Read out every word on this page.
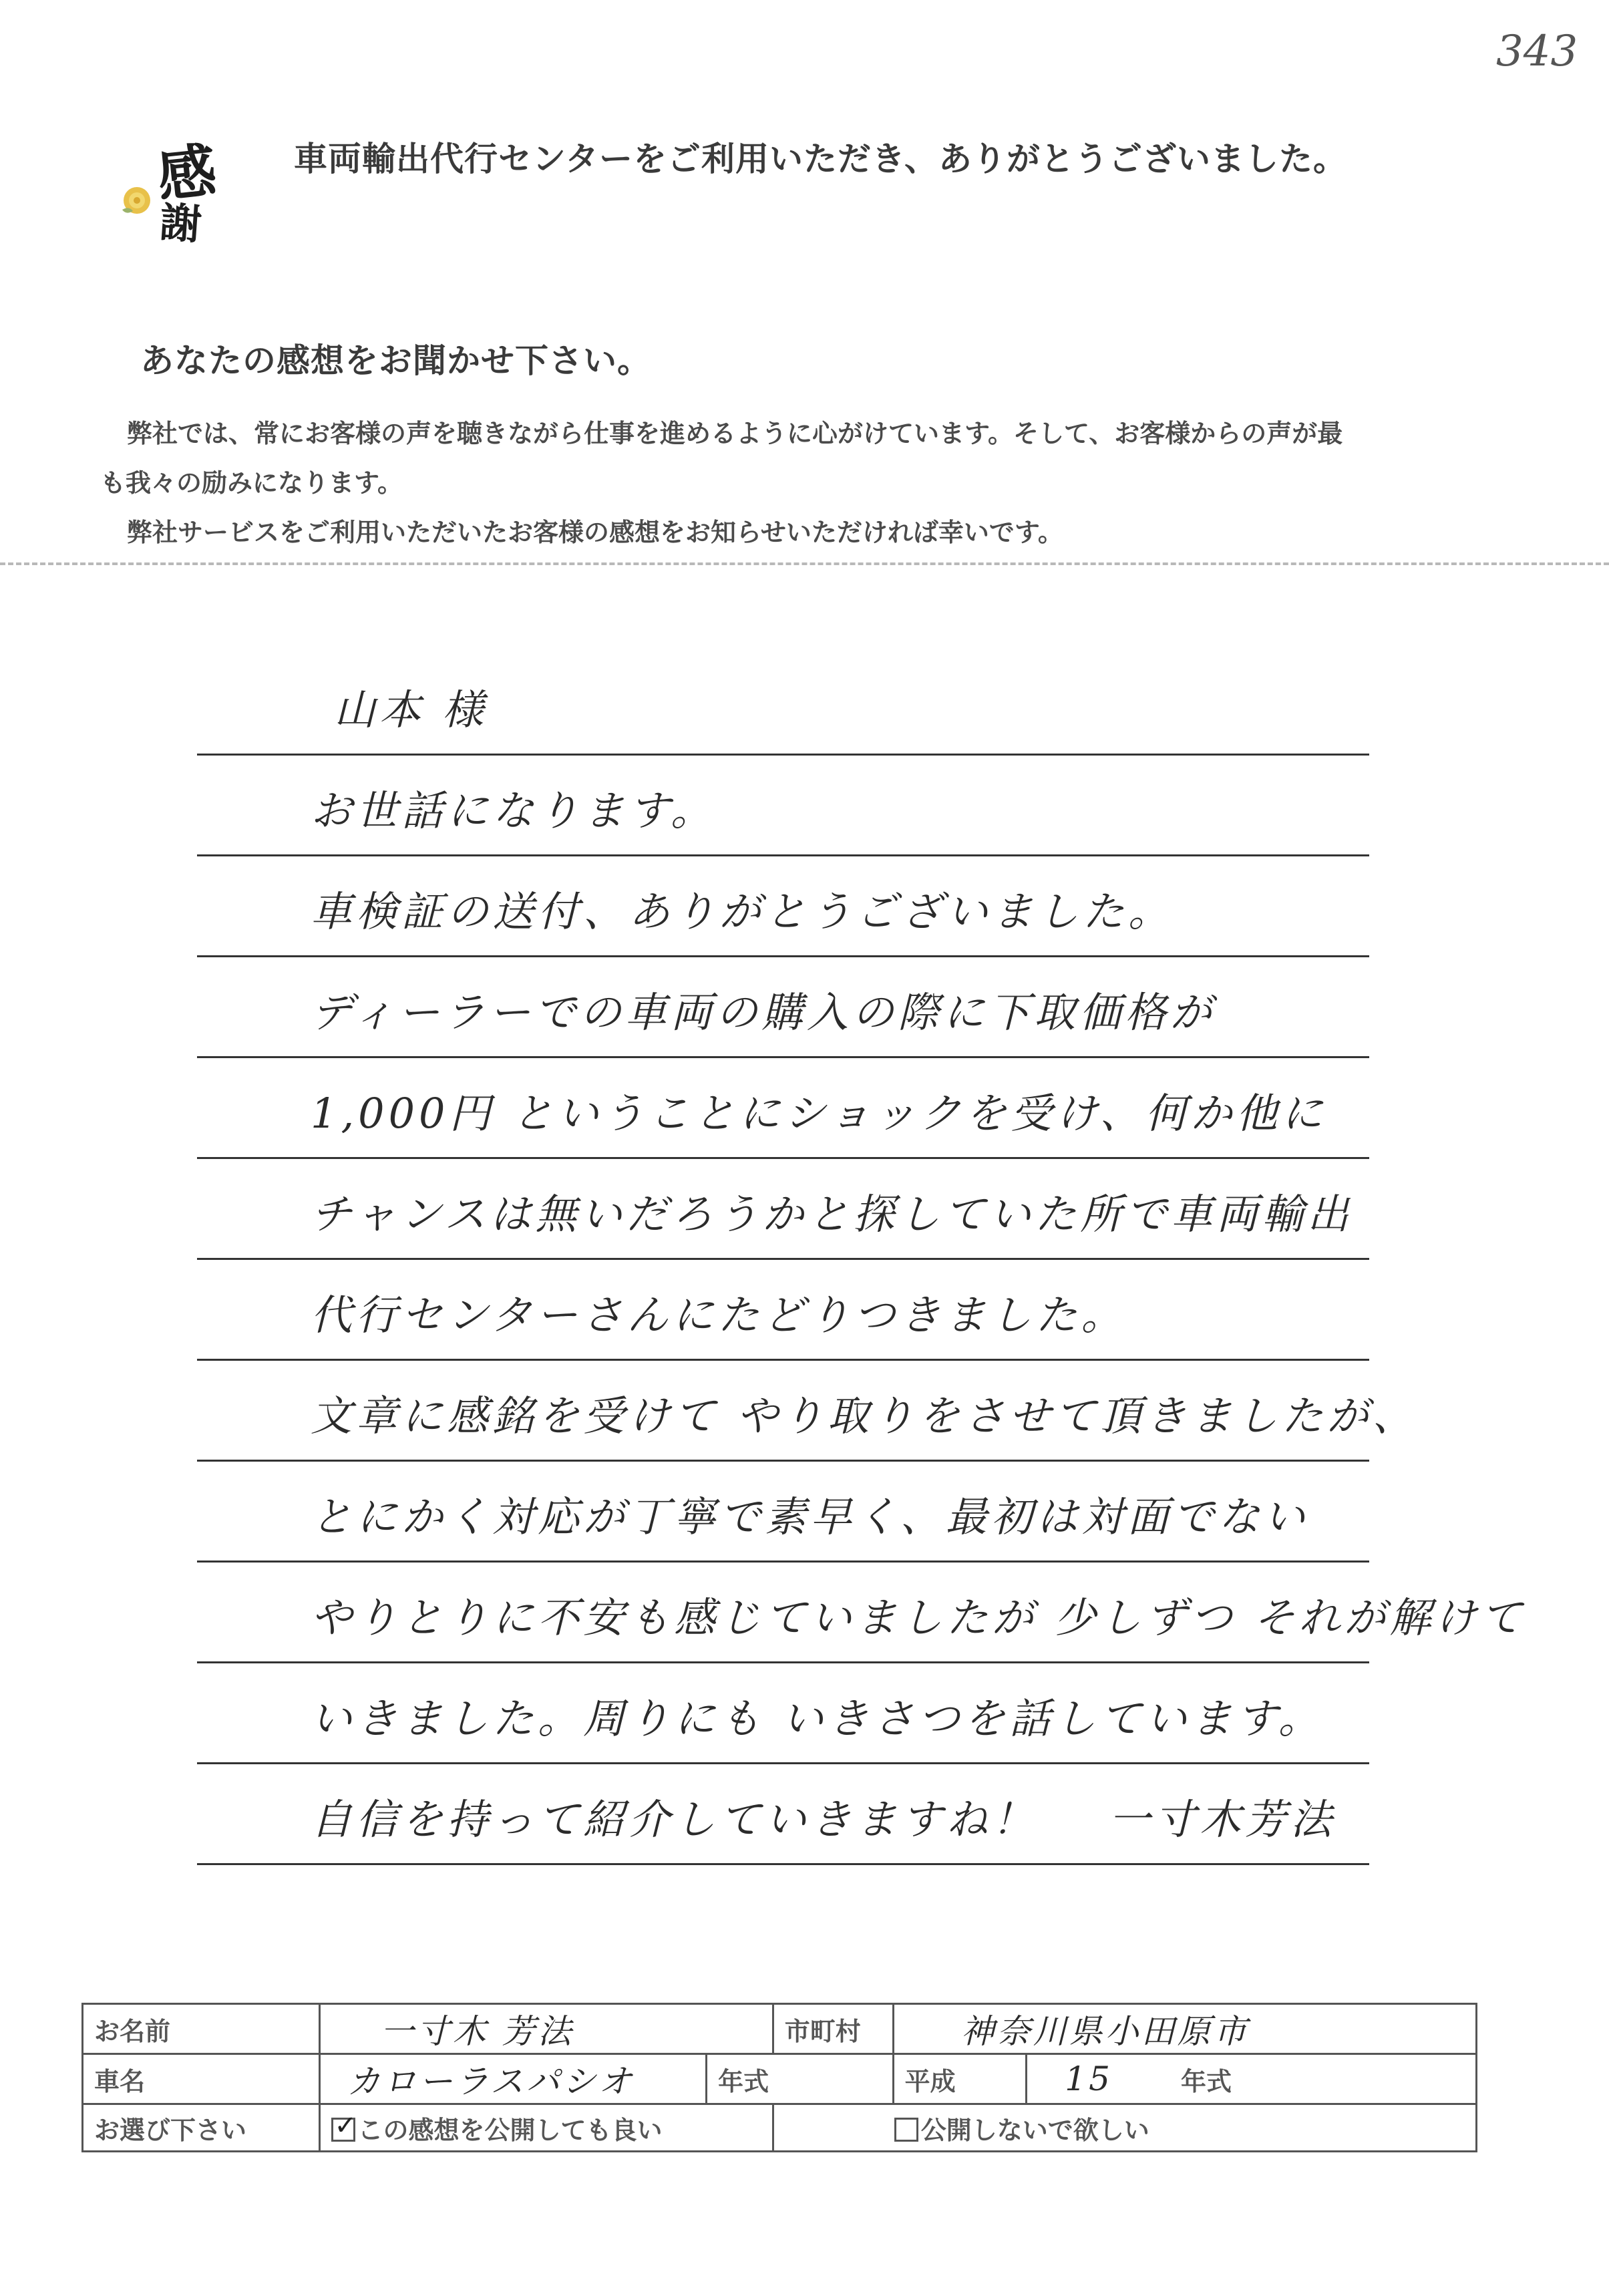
343
感
謝
車両輸出代行センターをご利用いただき、ありがとうございました。
あなたの感想をお聞かせ下さい。

弊社では、常にお客様の声を聴きながら仕事を進めるように心がけています。そして、お客様からの声が最

も我々の励みになります。

弊社サービスをご利用いただいたお客様の感想をお知らせいただければ幸いです。

山本 様
お世話になります。
車検証の送付、ありがとうございました。
ディーラーでの車両の購入の際に下取価格が
1,000円 ということにショックを受け、何か他に
チャンスは無いだろうかと探していた所で車両輸出
代行センターさんにたどりつきました。
文章に感銘を受けて やり取りをさせて頂きましたが、
とにかく対応が丁寧で素早く、最初は対面でない
やりとりに不安も感じていましたが 少しずつ それが解けて
いきました。周りにも いきさつを話しています。
自信を持って紹介していきますね！ 一寸木芳法
お名前	一寸木 芳法		市町村	神奈川県小田原市	
車名	カローラスパシオ	年式		平成	15 年式
お選び下さい	✓この感想を公開しても良い		公開しないで欲しい		
